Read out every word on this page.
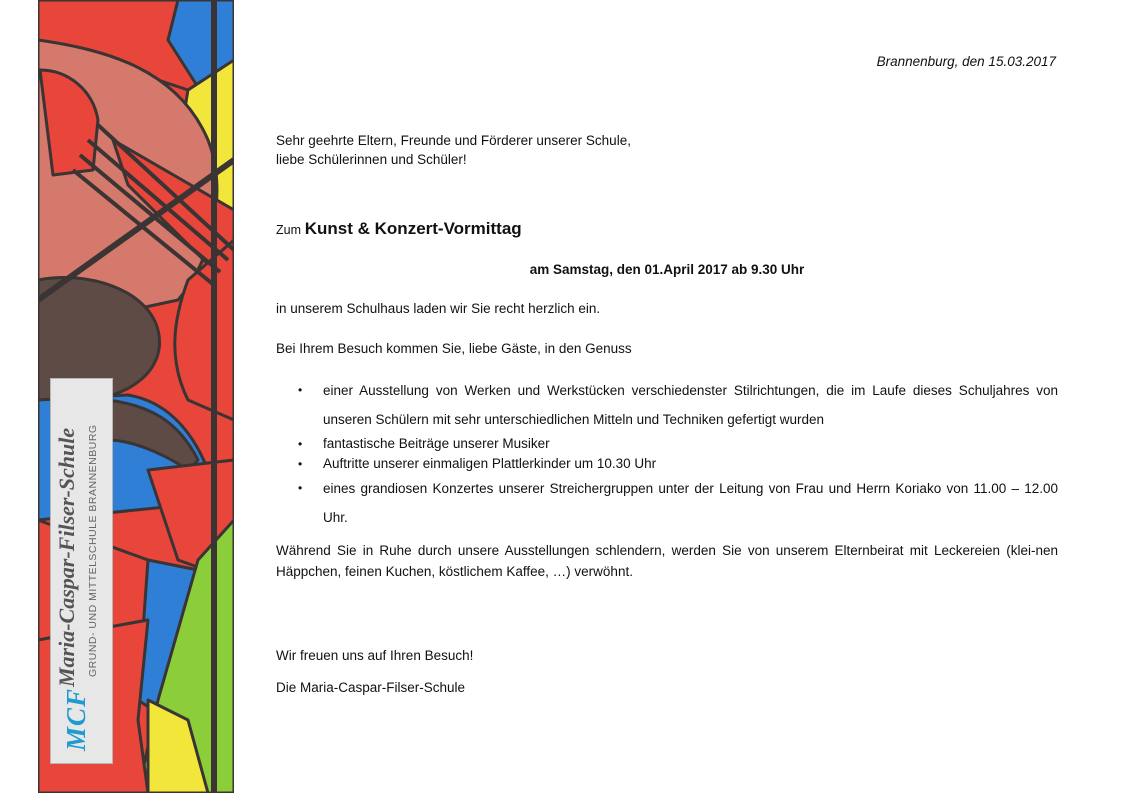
MCF
Maria-Caspar-Filser-Schule GRUND- UND MITTELSCHULE BRANNENBURG
Brannenburg, den 15.03.2017
Sehr geehrte Eltern, Freunde und Förderer unserer Schule,
liebe Schülerinnen und Schüler!
Zum Kunst & Konzert-Vormittag
am Samstag, den 01.April 2017 ab 9.30 Uhr
in unserem Schulhaus laden wir Sie recht herzlich ein.
Bei Ihrem Besuch kommen Sie, liebe Gäste, in den Genuss
• einer Ausstellung von Werken und Werkstücken verschiedenster Stilrichtungen, die im Laufe dieses Schuljahres von unseren Schülern mit sehr unterschiedlichen Mitteln und Techniken gefertigt wurden
• fantastische Beiträge unserer Musiker
• Auftritte unserer einmaligen Plattlerkinder um 10.30 Uhr
• eines grandiosen Konzertes unserer Streichergruppen unter der Leitung von Frau und Herrn Koriako von 11.00 – 12.00 Uhr.
Während Sie in Ruhe durch unsere Ausstellungen schlendern, werden Sie von unserem Elternbeirat mit Leckereien (klei-nen Häppchen, feinen Kuchen, köstlichem Kaffee, …) verwöhnt.
Wir freuen uns auf Ihren Besuch!
Die Maria-Caspar-Filser-Schule
